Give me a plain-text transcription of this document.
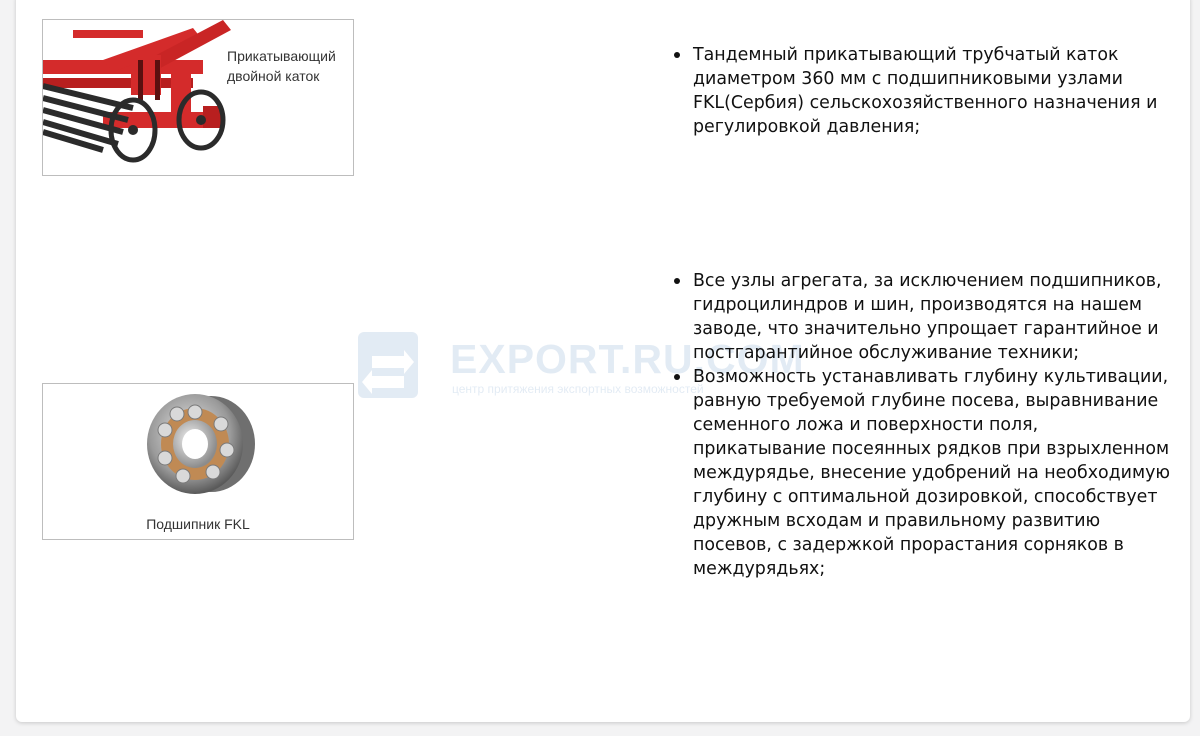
Прикатывающий
двойной каток
Подшипник FKL
EXPORT.RU.COM
центр притяжения экспортных возможностей
Тандемный прикатывающий трубчатый каток диаметром 360 мм с подшипниковыми узлами FKL(Сербия) сельскохозяйственного назначения и регулировкой давления;
Все узлы агрегата, за исключением подшипников, гидроцилиндров и шин, производятся на нашем заводе, что значительно упрощает гарантийное и постгарантийное обслуживание техники;
Возможность устанавливать глубину культивации, равную требуемой глубине посева, выравнивание семенного ложа и поверхности поля, прикатывание посеянных рядков при взрыхленном междурядье, внесение удобрений на необходимую глубину с оптимальной дозировкой, способствует дружным всходам и правильному развитию посевов, с задержкой прорастания сорняков в междурядьях;
